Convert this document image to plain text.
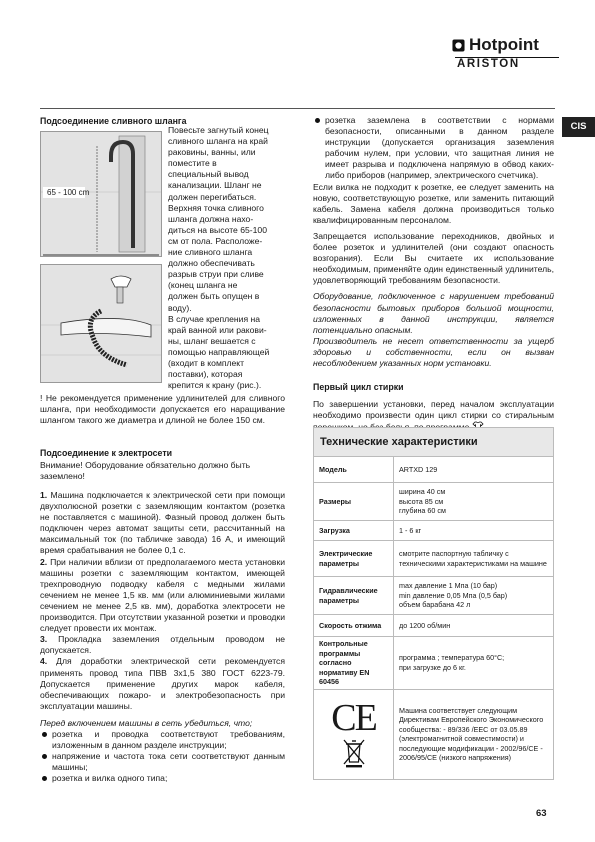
Hotpoint
ARISTON
CIS
Подсоединение сливного шланга
65 - 100 cm
Повесьте загнутый конец
сливного шланга на край
раковины, ванны, или
поместите в
специальный вывод
канализации. Шланг не
должен перегибаться.
Верхняя точка сливного
шланга должна нахо-
диться на высоте 65-100
см от пола. Расположе-
ние сливного шланга
должно обеспечивать
разрыв струи при сливе
(конец шланга не
должен быть опущен в
воду).
В случае крепления на
край ванной или ракови-
ны, шланг вешается с
помощью направляющей
(входит в комплект
поставки), которая
крепится к крану (рис.).

! Не рекомендуется применение удлинителей для сливного шланга, при необходимости допускается его наращивание шлангом такого же диаметра и длиной не более 150 см.

Подсоединение к электросети

Внимание! Оборудование обязательно должно быть заземлено!

1. Машина подключается к электрической сети при помощи двухполюсной розетки с заземляющим контактом (розетка не поставляется с машиной). Фазный провод должен быть подключен через автомат защиты сети, рассчитанный на максимальный ток (по табличке завода) 16 А, и имеющий время срабатывания не более 0,1 с.

2. При наличии вблизи от предполагаемого места установки машины розетки с заземляющим контактом, имеющей трехпроводную подводку кабеля с медными жилами сечением не менее 1,5 кв. мм (или алюминиевыми жилами сечением не менее 2,5 кв. мм), доработка электросети не производится. При отсутствии указанной розетки и проводки следует провести их монтаж.

3. Прокладка заземления отдельным проводом не допускается.

4. Для доработки электрической сети рекомендуется применять провод типа ПВВ 3х1,5 380 ГОСТ 6223-79. Допускается применение других марок кабеля, обеспечивающих пожаро- и электробезопасность при эксплуатации машины.

Перед включением машины в сеть убедиться, что;

розетка и проводка соответствуют требованиям, изложенным в данном разделе инструкции;
напряжение и частота тока сети соответствуют данным машины;
розетка и вилка одного типа;
розетка заземлена в соответствии с нормами безопасности, описанными в данном разделе инструкции (допускается организация заземления рабочим нулем, при условии, что защитная линия не имеет разрыва и подключена напрямую в обвод каких-либо приборов (например, электрического счетчика).

Если вилка не подходит к розетке, ее следует заменить на новую, соответствующую розетке, или заменить питающий кабель. Замена кабеля должна производиться только квалифицированным персоналом.

Запрещается использование переходников, двойных и более розеток и удлинителей (они создают опасность возгорания). Если Вы считаете их использование необходимым, применяйте один единственный удлинитель, удовлетворяющий требованиям безопасности.

Оборудование, подключенное с нарушением требований безопасности бытовых приборов большой мощности, изложенных в данной инструкции, является потенциально опасным.

Производитель не несет ответственности за ущерб здоровью и собственности, если он вызван несоблюдением указанных норм установки.

Первый цикл стирки

По завершении установки, перед началом эксплуатации необходимо произвести один цикл стирки со стиральным

Технические характеристики	
Модель	ARTXD 129
Размеры	ширина 40 см
высота 85 см
глубина 60 см

Загрузка	1 - 6 кг
Электрические параметры	смотрите паспортную табличку с техническими характеристиками на машине
Гидравлические параметры	max давление 1 Мпа (10 бар)
min давление 0,05 Мпа (0,5 бар)
объем барабана 42 л

Скорость отжима	до 1200 об/мин
Контрольные программы согласно нормативу EN 60456	программа ; температура 60°С;
при загрузке до 6 кг.

CE	Машина соответствует следующим Директивам Европейского Экономического сообщества: - 89/336 /ЕЕС от 03.05.89 (электромагнитной совместимости) и последующие модификации - 2002/96/CE - 2006/95/CE (низкого напряжения)
63
